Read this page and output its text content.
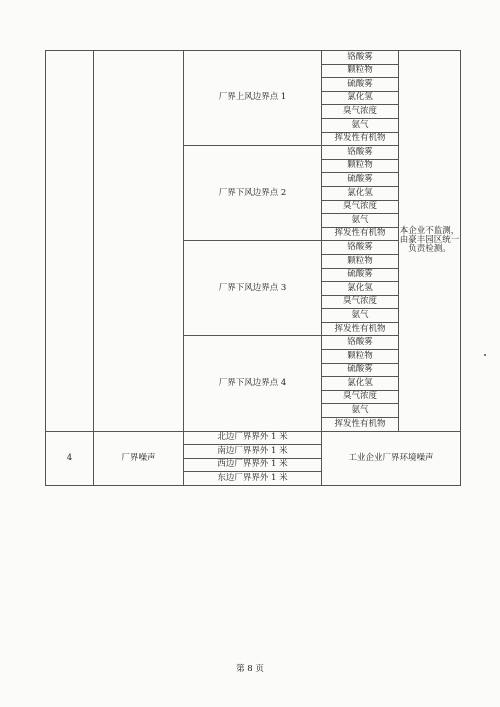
		厂界上风边界点 1	铬酸雾	本企业不监测，由豪丰园区统一负责检测。
			颗粒物	
			硫酸雾	
			氯化氢	
			臭气浓度	
			氨气	
			挥发性有机物	
		厂界下风边界点 2	铬酸雾	
			颗粒物	
			硫酸雾	
			氯化氢	
			臭气浓度	
			氨气	
			挥发性有机物	
		厂界下风边界点 3	铬酸雾	
			颗粒物	
			硫酸雾	
			氯化氢	
			臭气浓度	
			氨气	
			挥发性有机物	
		厂界下风边界点 4	铬酸雾	
			颗粒物	
			硫酸雾	
			氯化氢	
			臭气浓度	
			氨气	
			挥发性有机物	
4	厂界噪声	北边厂界界外 1 米	工业企业厂界环境噪声	
		南边厂界界外 1 米		
		西边厂界界外 1 米		
		东边厂界界外 1 米		
第 8 页
